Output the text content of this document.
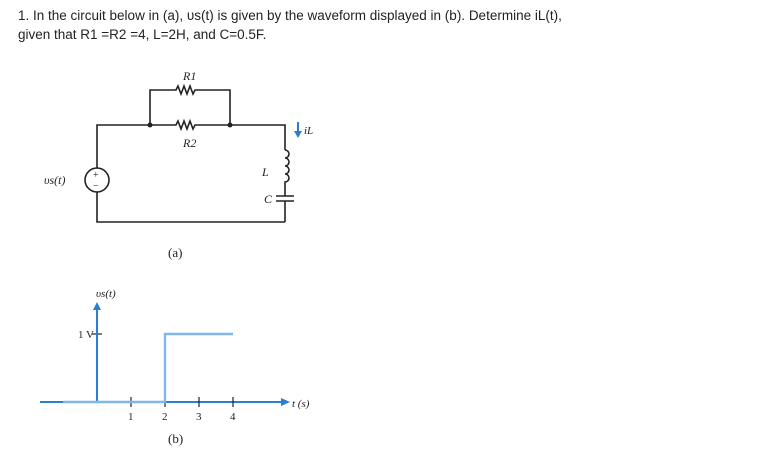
1. In the circuit below in (a), υs(t) is given by the waveform displayed in (b). Determine iL(t),

given that R1 =R2 =4, L=2H, and C=0.5F.

+
−
υs(t)
R1
R2
L
C
iL
(a)
υs(t)
1 V
t (s)
1	2	3	4
(b)
